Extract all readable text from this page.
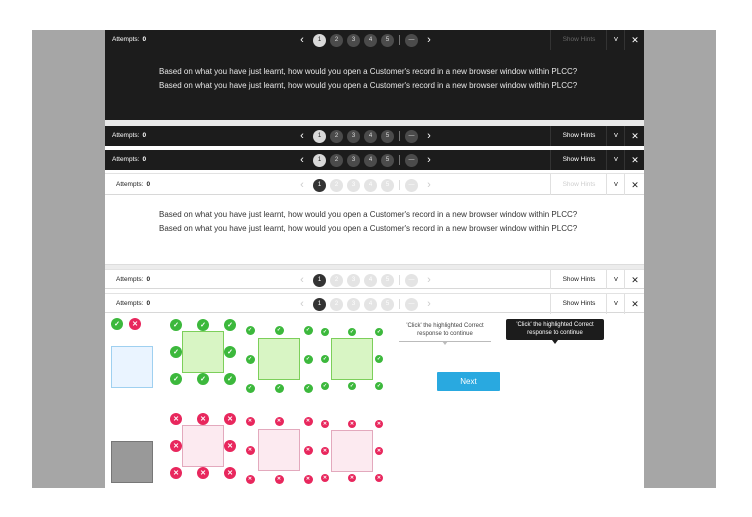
Attempts: 0	‹	1	2	3	4	5	—	›	Show Hints	˅	✕
Based on what you have just learnt, how would you open a Customer's record in a new browser window within PLCC? Based on what you have just learnt, how would you open a Customer's record in a new browser window within PLCC?
Attempts: 0	‹	1	2	3	4	5	—	›	Show Hints	˅	✕
Attempts: 0	‹	1	2	3	4	5	—	›	Show Hints	˅	✕
Attempts: 0	‹	1	2	3	4	5	—	›	Show Hints	˅	✕
Based on what you have just learnt, how would you open a Customer's record in a new browser window within PLCC? Based on what you have just learnt, how would you open a Customer's record in a new browser window within PLCC?
Attempts: 0	‹	1	2	3	4	5	—	›	Show Hints	˅	✕
Attempts: 0	‹	1	2	3	4	5	—	›	Show Hints	˅	✕
✓	✕	✓	✓	✓
✓	✓
✓	✓	✓
✓	✓	✓
✓	✓
✓	✓	✓
✓	✓	✓
✓	✓
✓	✓	✓
✕	✕	✕
✕	✕
✕	✕	✕
✕	✕	✕
✕	✕
✕	✕	✕
✕	✕	✕
✕	✕
✕	✕	✕
'Click' the highlighted Correct response to continue
'Click' the highlighted Correct response to continue
Next
